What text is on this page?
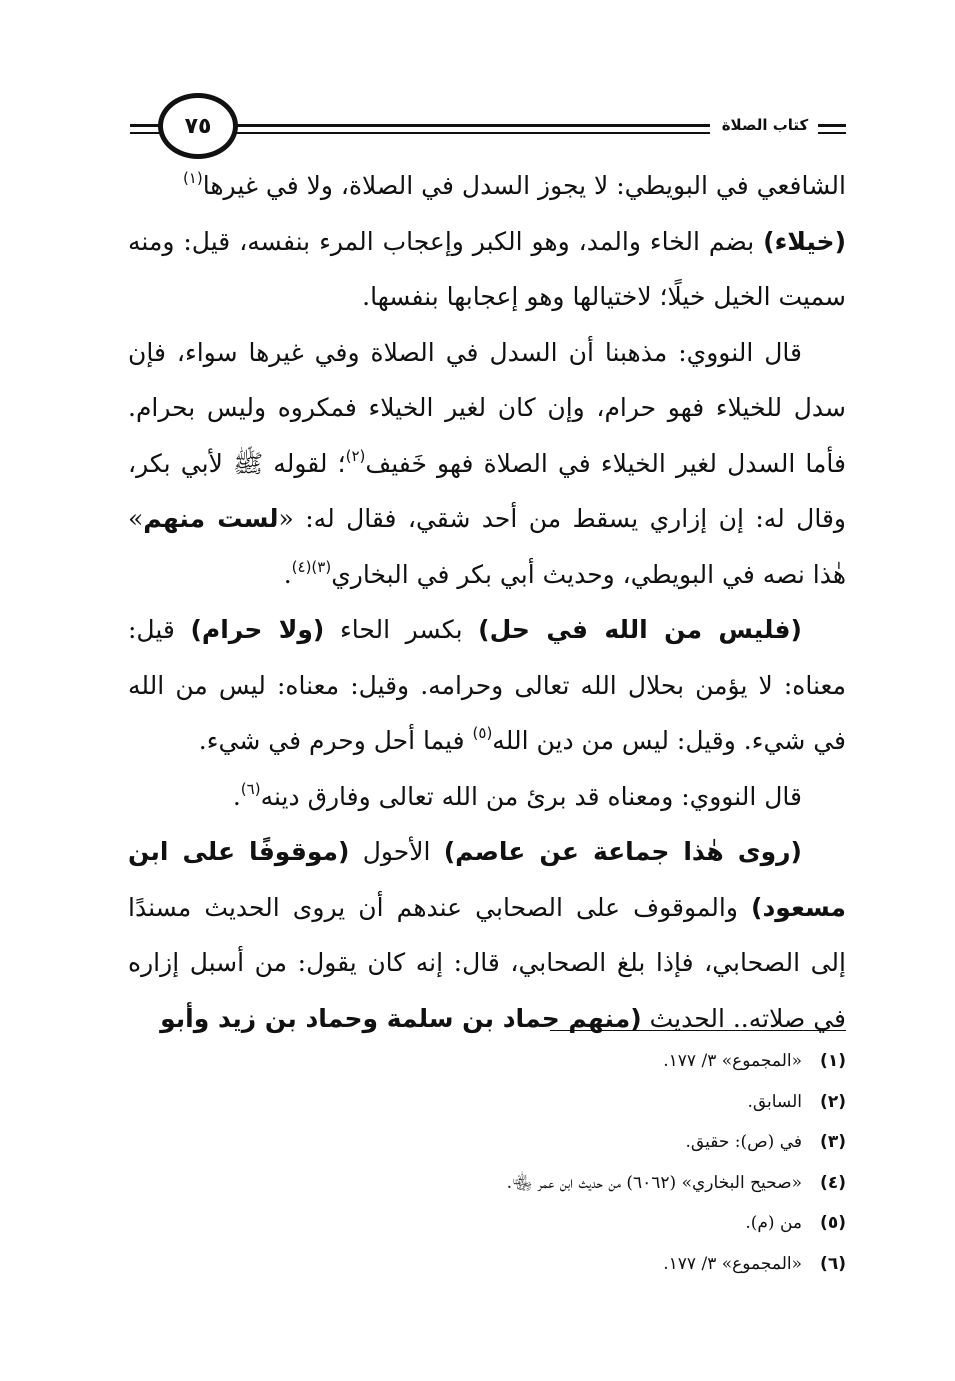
٧٥	كتاب الصلاة

الشافعي في البويطي: لا يجوز السدل في الصلاة، ولا في غيرها$^{(١)}$

(خيلاء) بضم الخاء والمد، وهو الكبر وإعجاب المرء بنفسه، قيل: ومنه سميت الخيل خيلًا؛ لاختيالها وهو إعجابها بنفسها.

قال النووي: مذهبنا أن السدل في الصلاة وفي غيرها سواء، فإن سدل للخيلاء فهو حرام، وإن كان لغير الخيلاء فمكروه وليس بحرام. فأما السدل لغير الخيلاء في الصلاة فهو خَفيف$^{(٢)}$؛ لقوله ﷺ لأبي بكر، وقال له: إن إزاري يسقط من أحد شقي، فقال له: «لست منهم» هٰذا نصه في البويطي، وحديث أبي بكر في البخاري$^{(٣)(٤)}$.

(فليس من الله في حل) بكسر الحاء (ولا حرام) قيل: معناه: لا يؤمن بحلال الله تعالى وحرامه. وقيل: معناه: ليس من الله في شيء. وقيل: ليس من دين الله$^{(٥)}$ فيما أحل وحرم في شيء.

قال النووي: ومعناه قد برئ من الله تعالى وفارق دينه$^{(٦)}$.

(روى هٰذا جماعة عن عاصم) الأحول (موقوفًا على ابن مسعود) والموقوف على الصحابي عندهم أن يروى الحديث مسندًا إلى الصحابي، فإذا بلغ الصحابي، قال: إنه كان يقول: من أسبل إزاره في صلاته.. الحديث (منهم حماد بن سلمة وحماد بن زيد وأبو

(١)
«المجموع» ٣/ ١٧٧.
(٢)
السابق.
(٣)
في (ص): حقيق.
(٤)
«صحيح البخاري» (٦٠٦٢) من حديث ابن عمر ﵄.
(٥)
من (م).
(٦)
«المجموع» ٣/ ١٧٧.
